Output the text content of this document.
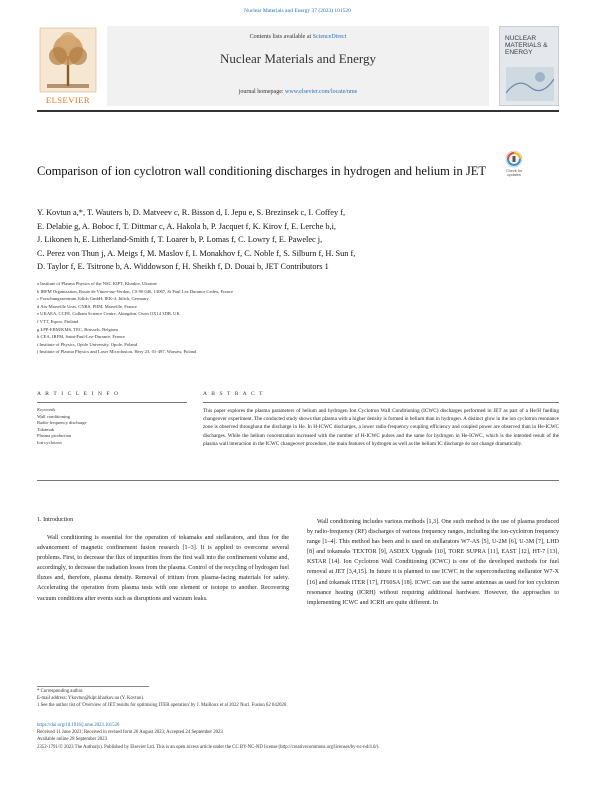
Nuclear Materials and Energy 37 (2023) 101520
ELSEVIER
Contents lists available at ScienceDirect
Nuclear Materials and Energy
journal homepage: www.elsevier.com/locate/nme
NUCLEAR MATERIALS & ENERGY
Comparison of ion cyclotron wall conditioning discharges in hydrogen and helium in JET	Check for updates
Y. Kovtun a,*, T. Wauters b, D. Matveev c, R. Bisson d, I. Jepu e, S. Brezinsek c, I. Coffey f,
E. Delabie g, A. Boboc f, T. Dittmar c, A. Hakola h, P. Jacquet f, K. Kirov f, E. Lerche b,i,
J. Likonen h, E. Litherland-Smith f, T. Loarer b, P. Lomas f, C. Lowry f, E. Pawelec j,
C. Perez von Thun j, A. Meigs f, M. Maslov f, I. Monakhov f, C. Noble f, S. Silburn f, H. Sun f,
D. Taylor f, E. Tsitrone b, A. Widdowson f, H. Sheikh f, D. Douai b, JET Contributors 1
a Institute of Plasma Physics of the NSC KIPT, Kharkiv, Ukraine
b IRFM Organization, Route de Vinon-sur-Verdon, CS 90 046, 13067, St Paul Lez Durance Cedex, France
c Forschungszentrum Jülich GmbH, IEK-4, Jülich, Germany
d Aix-Marseille Univ, CNRS, PIIM, Marseille, France
e UKAEA, CCFE, Culham Science Centre, Abingdon, Oxon OX14 3DB, UK
f VTT, Espoo, Finland
g LPP-ERM/KMS, TEC, Brussels, Belgium
h CEA, IRFM, Saint-Paul-Lez-Durance, France
i Institute of Physics, Opole University, Opole, Poland
j Institute of Plasma Physics and Laser Microfusion, Hery 23, 01-497, Warsaw, Poland
A R T I C L E I N F O	A B S T R A C T
Keywords
Wall conditioning
Radio-frequency discharge
Tokamak
Plasma production
Ion cyclotron
This paper explores the plasma parameters of helium and hydrogen Ion Cyclotron Wall Conditioning (ICWC) discharges performed in JET as part of a He/H fuelling changeover experiment. The conducted study shows that plasma with a higher density is formed in helium than in hydrogen. A distinct glow in the ion cyclotron resonance zone is observed throughout the discharge in He. In H-ICWC discharges, a lower radio-frequency coupling efficiency and coupled power are observed than in He-ICWC discharges. While the helium concentration increased with the number of H-ICWC pulses and the same for hydrogen in He-ICWC, which is the intended result of the plasma wall interaction in the ICWC changeover procedure, the main features of hydrogen as well as the helium IC discharge do not change dramatically.
1. Introduction
Wall conditioning is essential for the operation of tokamaks and stellarators, and thus for the advancement of magnetic confinement fusion research [1–3]. It is applied to overcome several problems. First, to decrease the flux of impurities from the first wall into the confinement volume and, accordingly, to decrease the radiation losses from the plasma. Control of the recycling of hydrogen fuel fluxes and, therefore, plasma density. Removal of tritium from plasma-facing materials for safety. Accelerating the operation from plasma tests with one element or isotope to another. Recovering vacuum conditions after events such as disruptions and vacuum leaks.
Wall conditioning includes various methods [1,3]. One such method is the use of plasma produced by radio-frequency (RF) discharges of various frequency ranges, including the ion-cyclotron frequency range [1–4]. This method has been and is used on stellarators W7-AS [5], U-2M [6], U-3M [7], LHD [8] and tokamaks TEXTOR [9], ASDEX Upgrade [10], TORE SUPRA [11], EAST [12], HT-7 [13], KSTAR [14]. Ion Cyclotron Wall Conditioning (ICWC) is one of the developed methods for fuel removal at JET [3,4,15]. In future it is planned to use ICWC in the superconducting stellarator W7-X [16] and tokamak ITER [17], JT60SA [18]. ICWC can use the same antennas as used for ion cyclotron resonance heating (ICRH) without requiring additional hardware. However, the approaches to implementing ICWC and ICRH are quite different. In
* Corresponding author.
E-mail address: Ykovtun@kipt.kharkov.ua (Y. Kovtun).
1 See the author list of 'Overview of JET results for optimising ITER operation' by J. Mailloux et al 2022 Nucl. Fusion 62 042026.
https://doi.org/10.1016/j.nme.2023.101520
Received 11 June 2023; Received in revised form 26 August 2023; Accepted 24 September 2023
Available online 28 September 2023
2352-1791/© 2023 The Author(s). Published by Elsevier Ltd. This is an open access article under the CC BY-NC-ND license (http://creativecommons.org/licenses/by-nc-nd/4.0/).
